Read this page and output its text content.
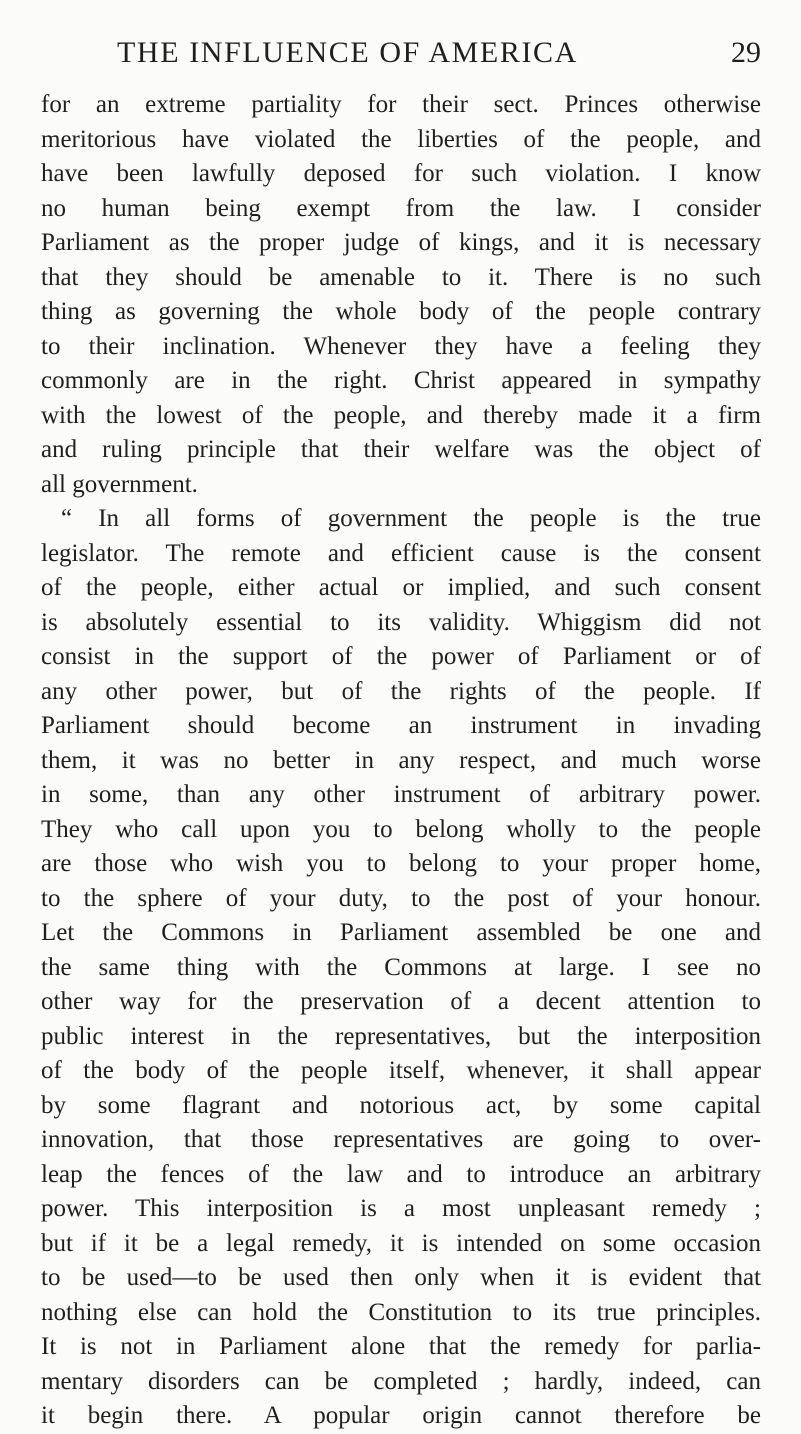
THE INFLUENCE OF AMERICA	29
for an extreme partiality for their sect. Princes otherwise
meritorious have violated the liberties of the people, and
have been lawfully deposed for such violation. I know
no human being exempt from the law. I consider
Parliament as the proper judge of kings, and it is necessary
that they should be amenable to it. There is no such
thing as governing the whole body of the people contrary
to their inclination. Whenever they have a feeling they
commonly are in the right. Christ appeared in sympathy
with the lowest of the people, and thereby made it a firm
and ruling principle that their welfare was the object of
all government.
“ In all forms of government the people is the true
legislator. The remote and efficient cause is the consent
of the people, either actual or implied, and such consent
is absolutely essential to its validity. Whiggism did not
consist in the support of the power of Parliament or of
any other power, but of the rights of the people. If
Parliament should become an instrument in invading
them, it was no better in any respect, and much worse
in some, than any other instrument of arbitrary power.
They who call upon you to belong wholly to the people
are those who wish you to belong to your proper home,
to the sphere of your duty, to the post of your honour.
Let the Commons in Parliament assembled be one and
the same thing with the Commons at large. I see no
other way for the preservation of a decent attention to
public interest in the representatives, but the interposition
of the body of the people itself, whenever, it shall appear
by some flagrant and notorious act, by some capital
innovation, that those representatives are going to over-
leap the fences of the law and to introduce an arbitrary
power. This interposition is a most unpleasant remedy ;
but if it be a legal remedy, it is intended on some occasion
to be used—to be used then only when it is evident that
nothing else can hold the Constitution to its true principles.
It is not in Parliament alone that the remedy for parlia-
mentary disorders can be completed ; hardly, indeed, can
it begin there. A popular origin cannot therefore be
